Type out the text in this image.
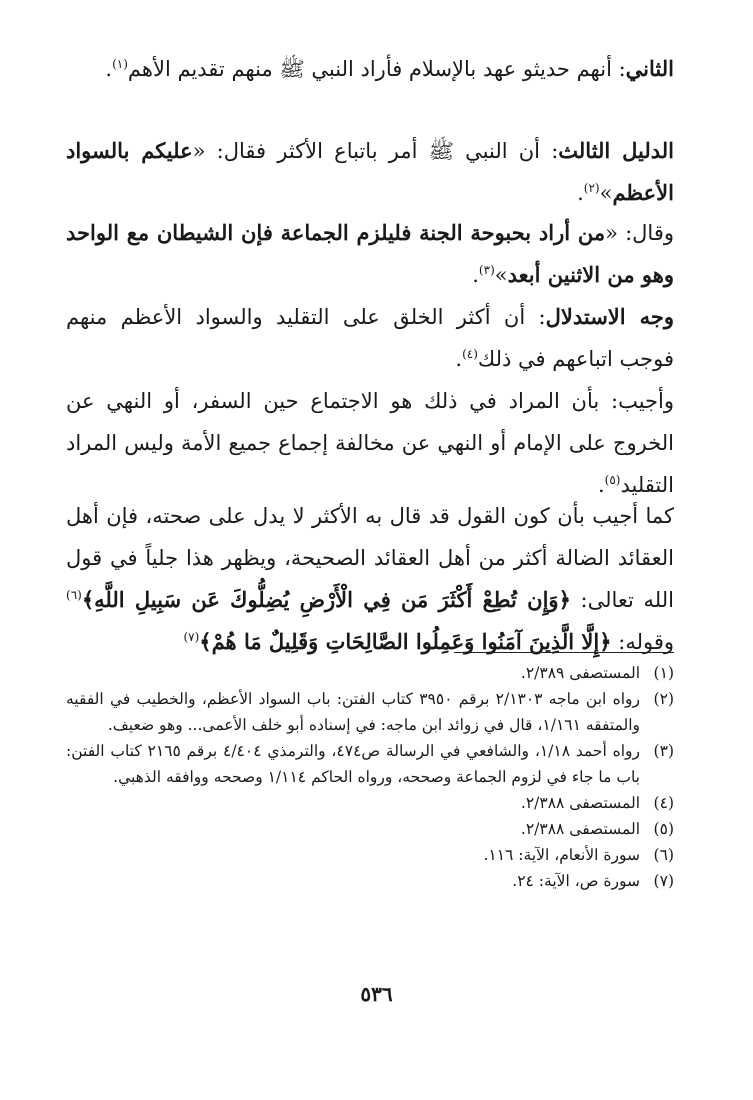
الثاني: أنهم حديثو عهد بالإسلام فأراد النبي ﷺ منهم تقديم الأهم$^{(١)}$.

الدليل الثالث: أن النبي ﷺ أمر باتباع الأكثر فقال: «عليكم بالسواد الأعظم»$^{(٢)}$.

وقال: «من أراد بحبوحة الجنة فليلزم الجماعة فإن الشيطان مع الواحد وهو من الاثنين أبعد»$^{(٣)}$.

وجه الاستدلال: أن أكثر الخلق على التقليد والسواد الأعظم منهم فوجب اتباعهم في ذلك$^{(٤)}$.

وأجيب: بأن المراد في ذلك هو الاجتماع حين السفر، أو النهي عن الخروج على الإمام أو النهي عن مخالفة إجماع جميع الأمة وليس المراد التقليد$^{(٥)}$.

كما أجيب بأن كون القول قد قال به الأكثر لا يدل على صحته، فإن أهل العقائد الضالة أكثر من أهل العقائد الصحيحة، ويظهر هذا جلياً في قول الله تعالى: ﴿وَإِن تُطِعْ أَكْثَرَ مَن فِي الْأَرْضِ يُضِلُّوكَ عَن سَبِيلِ اللَّهِ﴾$^{(٦)}$ وقوله: ﴿إِلَّا الَّذِينَ آمَنُوا وَعَمِلُوا الصَّالِحَاتِ وَقَلِيلٌ مَا هُمْ﴾$^{(٧)}$

(١)
المستصفى ٢/٣٨٩.
(٢)
رواه ابن ماجه ٢/١٣٠٣ برقم ٣٩٥٠ كتاب الفتن: باب السواد الأعظم، والخطيب في الفقيه والمتفقه ١/١٦١، قال في زوائد ابن ماجه: في إسناده أبو خلف الأعمى... وهو ضعيف.
(٣)
رواه أحمد ١/١٨، والشافعي في الرسالة ص٤٧٤، والترمذي ٤/٤٠٤ برقم ٢١٦٥ كتاب الفتن: باب ما جاء في لزوم الجماعة وصححه، ورواه الحاكم ١/١١٤ وصححه ووافقه الذهبي.
(٤)
المستصفى ٢/٣٨٨.
(٥)
المستصفى ٢/٣٨٨.
(٦)
سورة الأنعام، الآية: ١١٦.
(٧)
سورة ص، الآية: ٢٤.
٥٣٦
